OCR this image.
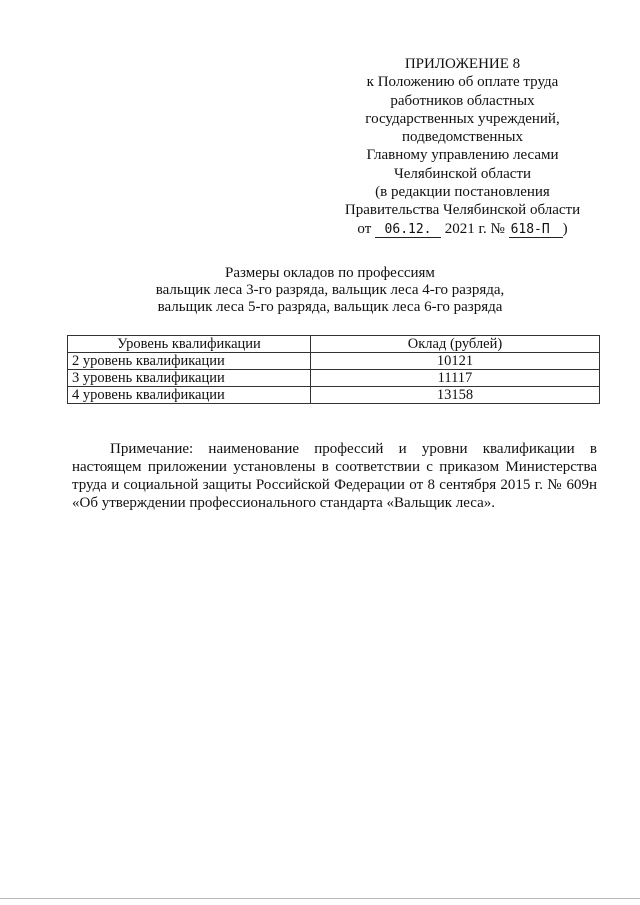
ПРИЛОЖЕНИЕ 8
к Положению об оплате труда
работников областных
государственных учреждений,
подведомственных
Главному управлению лесами
Челябинской области
(в редакции постановления
Правительства Челябинской области
от 06.12. 2021 г. № 618-П )
Размеры окладов по профессиям
вальщик леса 3-го разряда, вальщик леса 4-го разряда,
вальщик леса 5-го разряда, вальщик леса 6-го разряда
Уровень квалификации	Оклад (рублей)
2 уровень квалификации	10121
3 уровень квалификации	11117
4 уровень квалификации	13158

Примечание: наименование профессий и уровни квалификации в настоящем приложении установлены в соответствии с приказом Министерства труда и социальной защиты Российской Федерации от 8 сентября 2015 г. № 609н «Об утверждении профессионального стандарта «Вальщик леса».
